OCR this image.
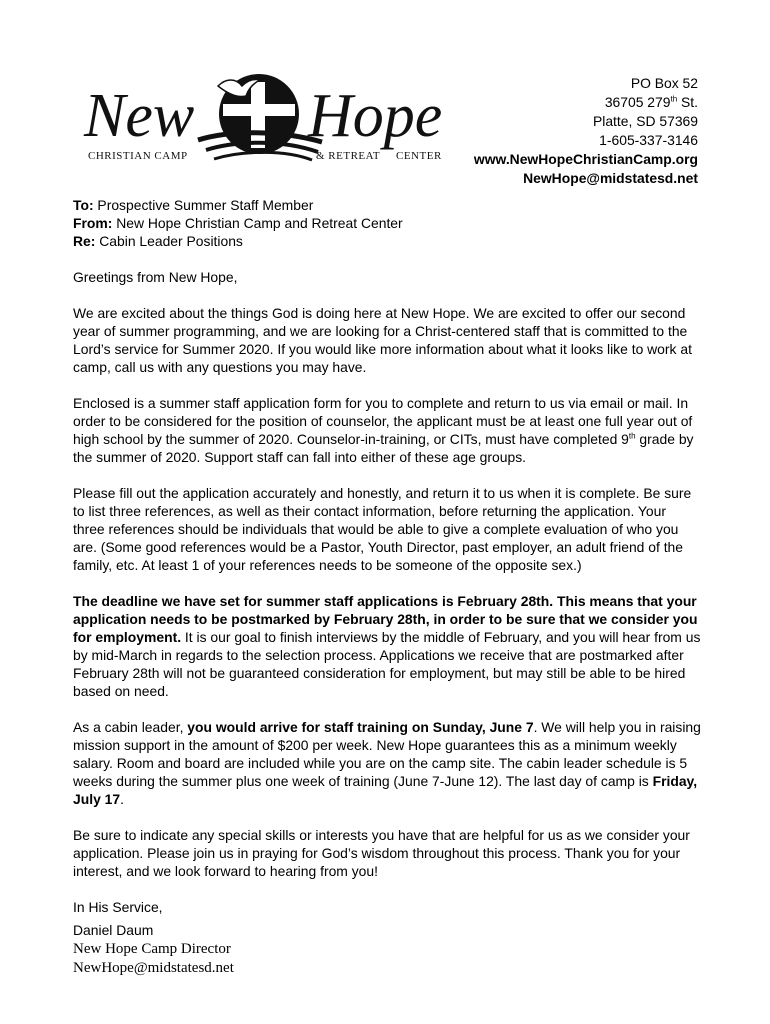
New Hope
CHRISTIAN CAMP	& RETREAT CENTER
PO Box 52
36705 279th St.
Platte, SD 57369
1-605-337-3146
www.NewHopeChristianCamp.org
NewHope@midstatesd.net
To: Prospective Summer Staff Member
From: New Hope Christian Camp and Retreat Center
Re: Cabin Leader Positions

Greetings from New Hope,

We are excited about the things God is doing here at New Hope. We are excited to offer our second year of summer programming, and we are looking for a Christ-centered staff that is committed to the Lord’s service for Summer 2020. If you would like more information about what it looks like to work at camp, call us with any questions you may have.

Enclosed is a summer staff application form for you to complete and return to us via email or mail. In order to be considered for the position of counselor, the applicant must be at least one full year out of high school by the summer of 2020. Counselor-in-training, or CITs, must have completed 9th grade by the summer of 2020. Support staff can fall into either of these age groups.

Please fill out the application accurately and honestly, and return it to us when it is complete. Be sure to list three references, as well as their contact information, before returning the application. Your three references should be individuals that would be able to give a complete evaluation of who you are. (Some good references would be a Pastor, Youth Director, past employer, an adult friend of the family, etc. At least 1 of your references needs to be someone of the opposite sex.)

The deadline we have set for summer staff applications is February 28th. This means that your application needs to be postmarked by February 28th, in order to be sure that we consider you for employment. It is our goal to finish interviews by the middle of February, and you will hear from us by mid-March in regards to the selection process. Applications we receive that are postmarked after February 28th will not be guaranteed consideration for employment, but may still be able to be hired based on need.

As a cabin leader, you would arrive for staff training on Sunday, June 7. We will help you in raising mission support in the amount of $200 per week. New Hope guarantees this as a minimum weekly salary. Room and board are included while you are on the camp site. The cabin leader schedule is 5 weeks during the summer plus one week of training (June 7-June 12). The last day of camp is Friday, July 17.

Be sure to indicate any special skills or interests you have that are helpful for us as we consider your application. Please join us in praying for God’s wisdom throughout this process. Thank you for your interest, and we look forward to hearing from you!

In His Service,

Daniel Daum
New Hope Camp Director
NewHope@midstatesd.net
